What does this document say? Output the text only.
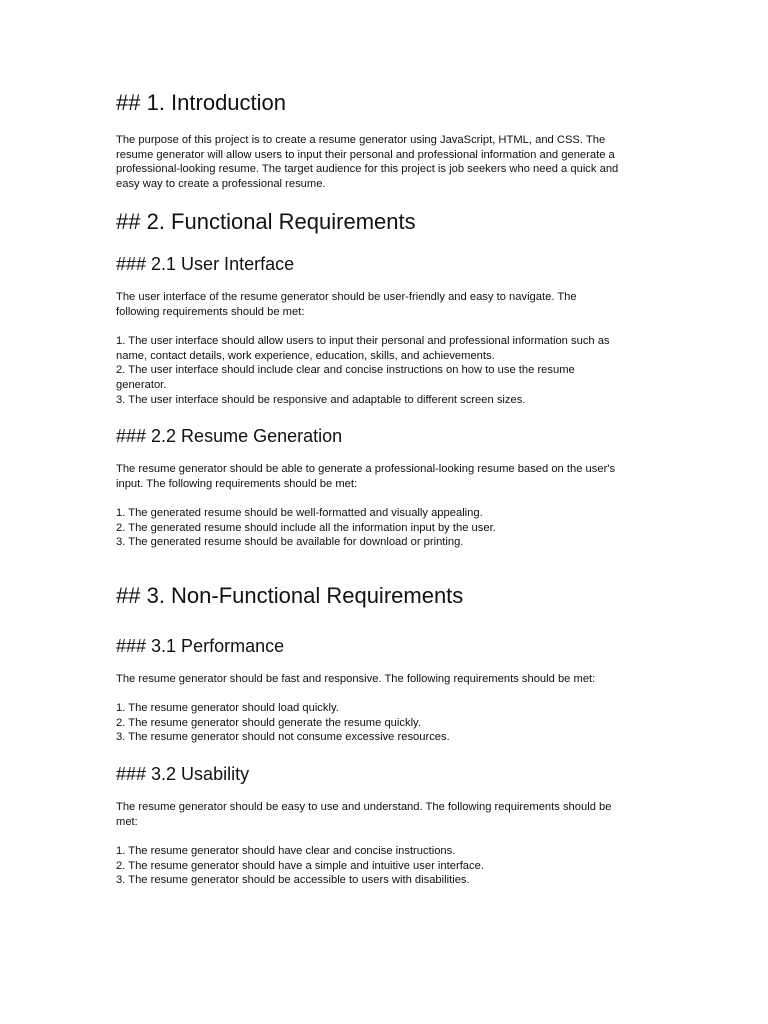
## 1. Introduction
The purpose of this project is to create a resume generator using JavaScript, HTML, and CSS. The
resume generator will allow users to input their personal and professional information and generate a
professional-looking resume. The target audience for this project is job seekers who need a quick and
easy way to create a professional resume.
## 2. Functional Requirements
### 2.1 User Interface
The user interface of the resume generator should be user-friendly and easy to navigate. The
following requirements should be met:
1. The user interface should allow users to input their personal and professional information such as
name, contact details, work experience, education, skills, and achievements.
2. The user interface should include clear and concise instructions on how to use the resume
generator.
3. The user interface should be responsive and adaptable to different screen sizes.
### 2.2 Resume Generation
The resume generator should be able to generate a professional-looking resume based on the user's
input. The following requirements should be met:
1. The generated resume should be well-formatted and visually appealing.
2. The generated resume should include all the information input by the user.
3. The generated resume should be available for download or printing.
## 3. Non-Functional Requirements
### 3.1 Performance
The resume generator should be fast and responsive. The following requirements should be met:
1. The resume generator should load quickly.
2. The resume generator should generate the resume quickly.
3. The resume generator should not consume excessive resources.
### 3.2 Usability
The resume generator should be easy to use and understand. The following requirements should be
met:
1. The resume generator should have clear and concise instructions.
2. The resume generator should have a simple and intuitive user interface.
3. The resume generator should be accessible to users with disabilities.
